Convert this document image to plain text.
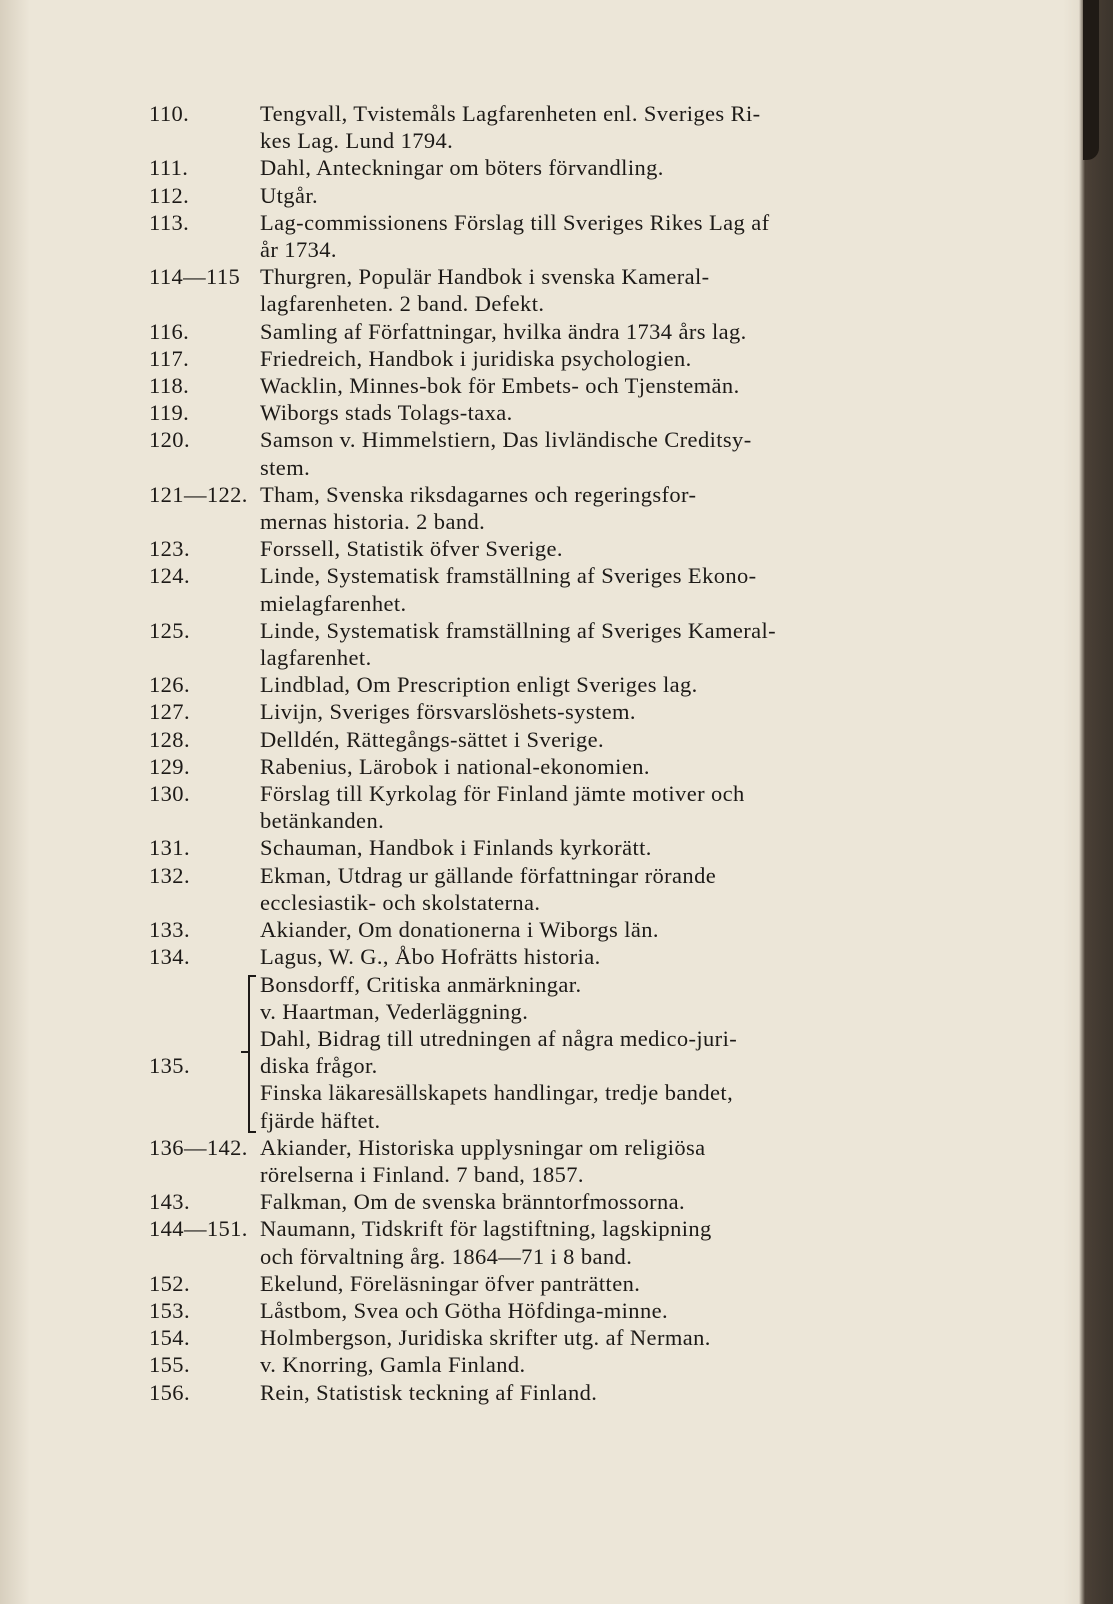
110.	Tengvall, Tvistemåls Lagfarenheten enl. Sveriges Ri-
kes Lag. Lund 1794.
111.	Dahl, Anteckningar om böters förvandling.
112.	Utgår.
113.	Lag-commissionens Förslag till Sveriges Rikes Lag af
år 1734.
114—115 Thurgren, Populär Handbok i svenska Kameral-
lagfarenheten. 2 band. Defekt.
116.	Samling af Författningar, hvilka ändra 1734 års lag.
117.	Friedreich, Handbok i juridiska psychologien.
118.	Wacklin, Minnes-bok för Embets- och Tjenstemän.
119.	Wiborgs stads Tolags-taxa.
120.	Samson v. Himmelstiern, Das livländische Creditsy-
stem.
121—122. Tham, Svenska riksdagarnes och regeringsfor-
mernas historia. 2 band.
123.	Forssell, Statistik öfver Sverige.
124.	Linde, Systematisk framställning af Sveriges Ekono-
mielagfarenhet.
125.	Linde, Systematisk framställning af Sveriges Kameral-
lagfarenhet.
126.	Lindblad, Om Prescription enligt Sveriges lag.
127.	Livijn, Sveriges försvarslöshets-system.
128.	Delldén, Rättegångs-sättet i Sverige.
129.	Rabenius, Lärobok i national-ekonomien.
130.	Förslag till Kyrkolag för Finland jämte motiver och
betänkanden.
131.	Schauman, Handbok i Finlands kyrkorätt.
132.	Ekman, Utdrag ur gällande författningar rörande
ecclesiastik- och skolstaterna.
133.	Akiander, Om donationerna i Wiborgs län.
134.	Lagus, W. G., Åbo Hofrätts historia.
135.
Bonsdorff, Critiska anmärkningar.
v. Haartman, Vederläggning.
Dahl, Bidrag till utredningen af några medico-juri-
diska frågor.
Finska läkaresällskapets handlingar, tredje bandet,
fjärde häftet.
136—142. Akiander, Historiska upplysningar om religiösa
rörelserna i Finland. 7 band, 1857.
143.	Falkman, Om de svenska bränntorfmossorna.
144—151. Naumann, Tidskrift för lagstiftning, lagskipning
och förvaltning årg. 1864—71 i 8 band.
152.	Ekelund, Föreläsningar öfver panträtten.
153.	Låstbom, Svea och Götha Höfdinga-minne.
154.	Holmbergson, Juridiska skrifter utg. af Nerman.
155.	v. Knorring, Gamla Finland.
156.	Rein, Statistisk teckning af Finland.
